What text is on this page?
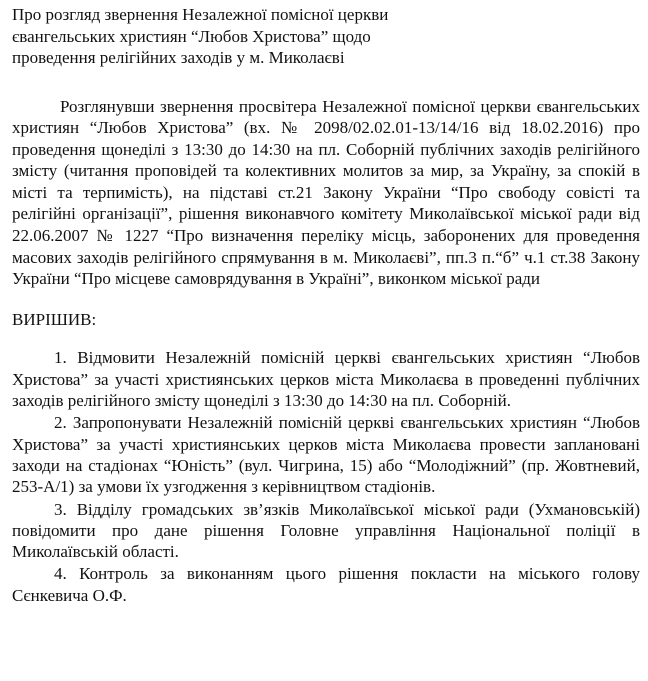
Про розгляд звернення Незалежної помісної церкви євангельських християн “Любов Христова” щодо проведення релігійних заходів у м. Миколаєві

Розглянувши звернення просвітера Незалежної помісної церкви євангельських християн “Любов Христова” (вх. № 2098/02.02.01-13/14/16 від 18.02.2016) про проведення щонеділі з 13:30 до 14:30 на пл. Соборній публічних заходів релігійного змісту (читання проповідей та колективних молитов за мир, за Україну, за спокій в місті та терпимість), на підставі ст.21 Закону України “Про свободу совісті та релігійні організації”, рішення виконавчого комітету Миколаївської міської ради від 22.06.2007 № 1227 “Про визначення переліку місць, заборонених для проведення масових заходів релігійного спрямування в м. Миколаєві”, пп.3 п.“б” ч.1 ст.38 Закону України “Про місцеве самоврядування в Україні”, виконком міської ради

ВИРІШИВ:

1. Відмовити Незалежній помісній церкві євангельських християн “Любов Христова” за участі християнських церков міста Миколаєва в проведенні публічних заходів релігійного змісту щонеділі з 13:30 до 14:30 на пл. Соборній.

2. Запропонувати Незалежній помісній церкві євангельських християн “Любов Христова” за участі християнських церков міста Миколаєва провести заплановані заходи на стадіонах “Юність” (вул. Чигрина, 15) або “Молодіжний” (пр. Жовтневий, 253-А/1) за умови їх узгодження з керівництвом стадіонів.

3. Відділу громадських зв’язків Миколаївської міської ради (Ухмановській) повідомити про дане рішення Головне управління Національної поліції в Миколаївській області.

4. Контроль за виконанням цього рішення покласти на міського голову Сєнкевича О.Ф.
